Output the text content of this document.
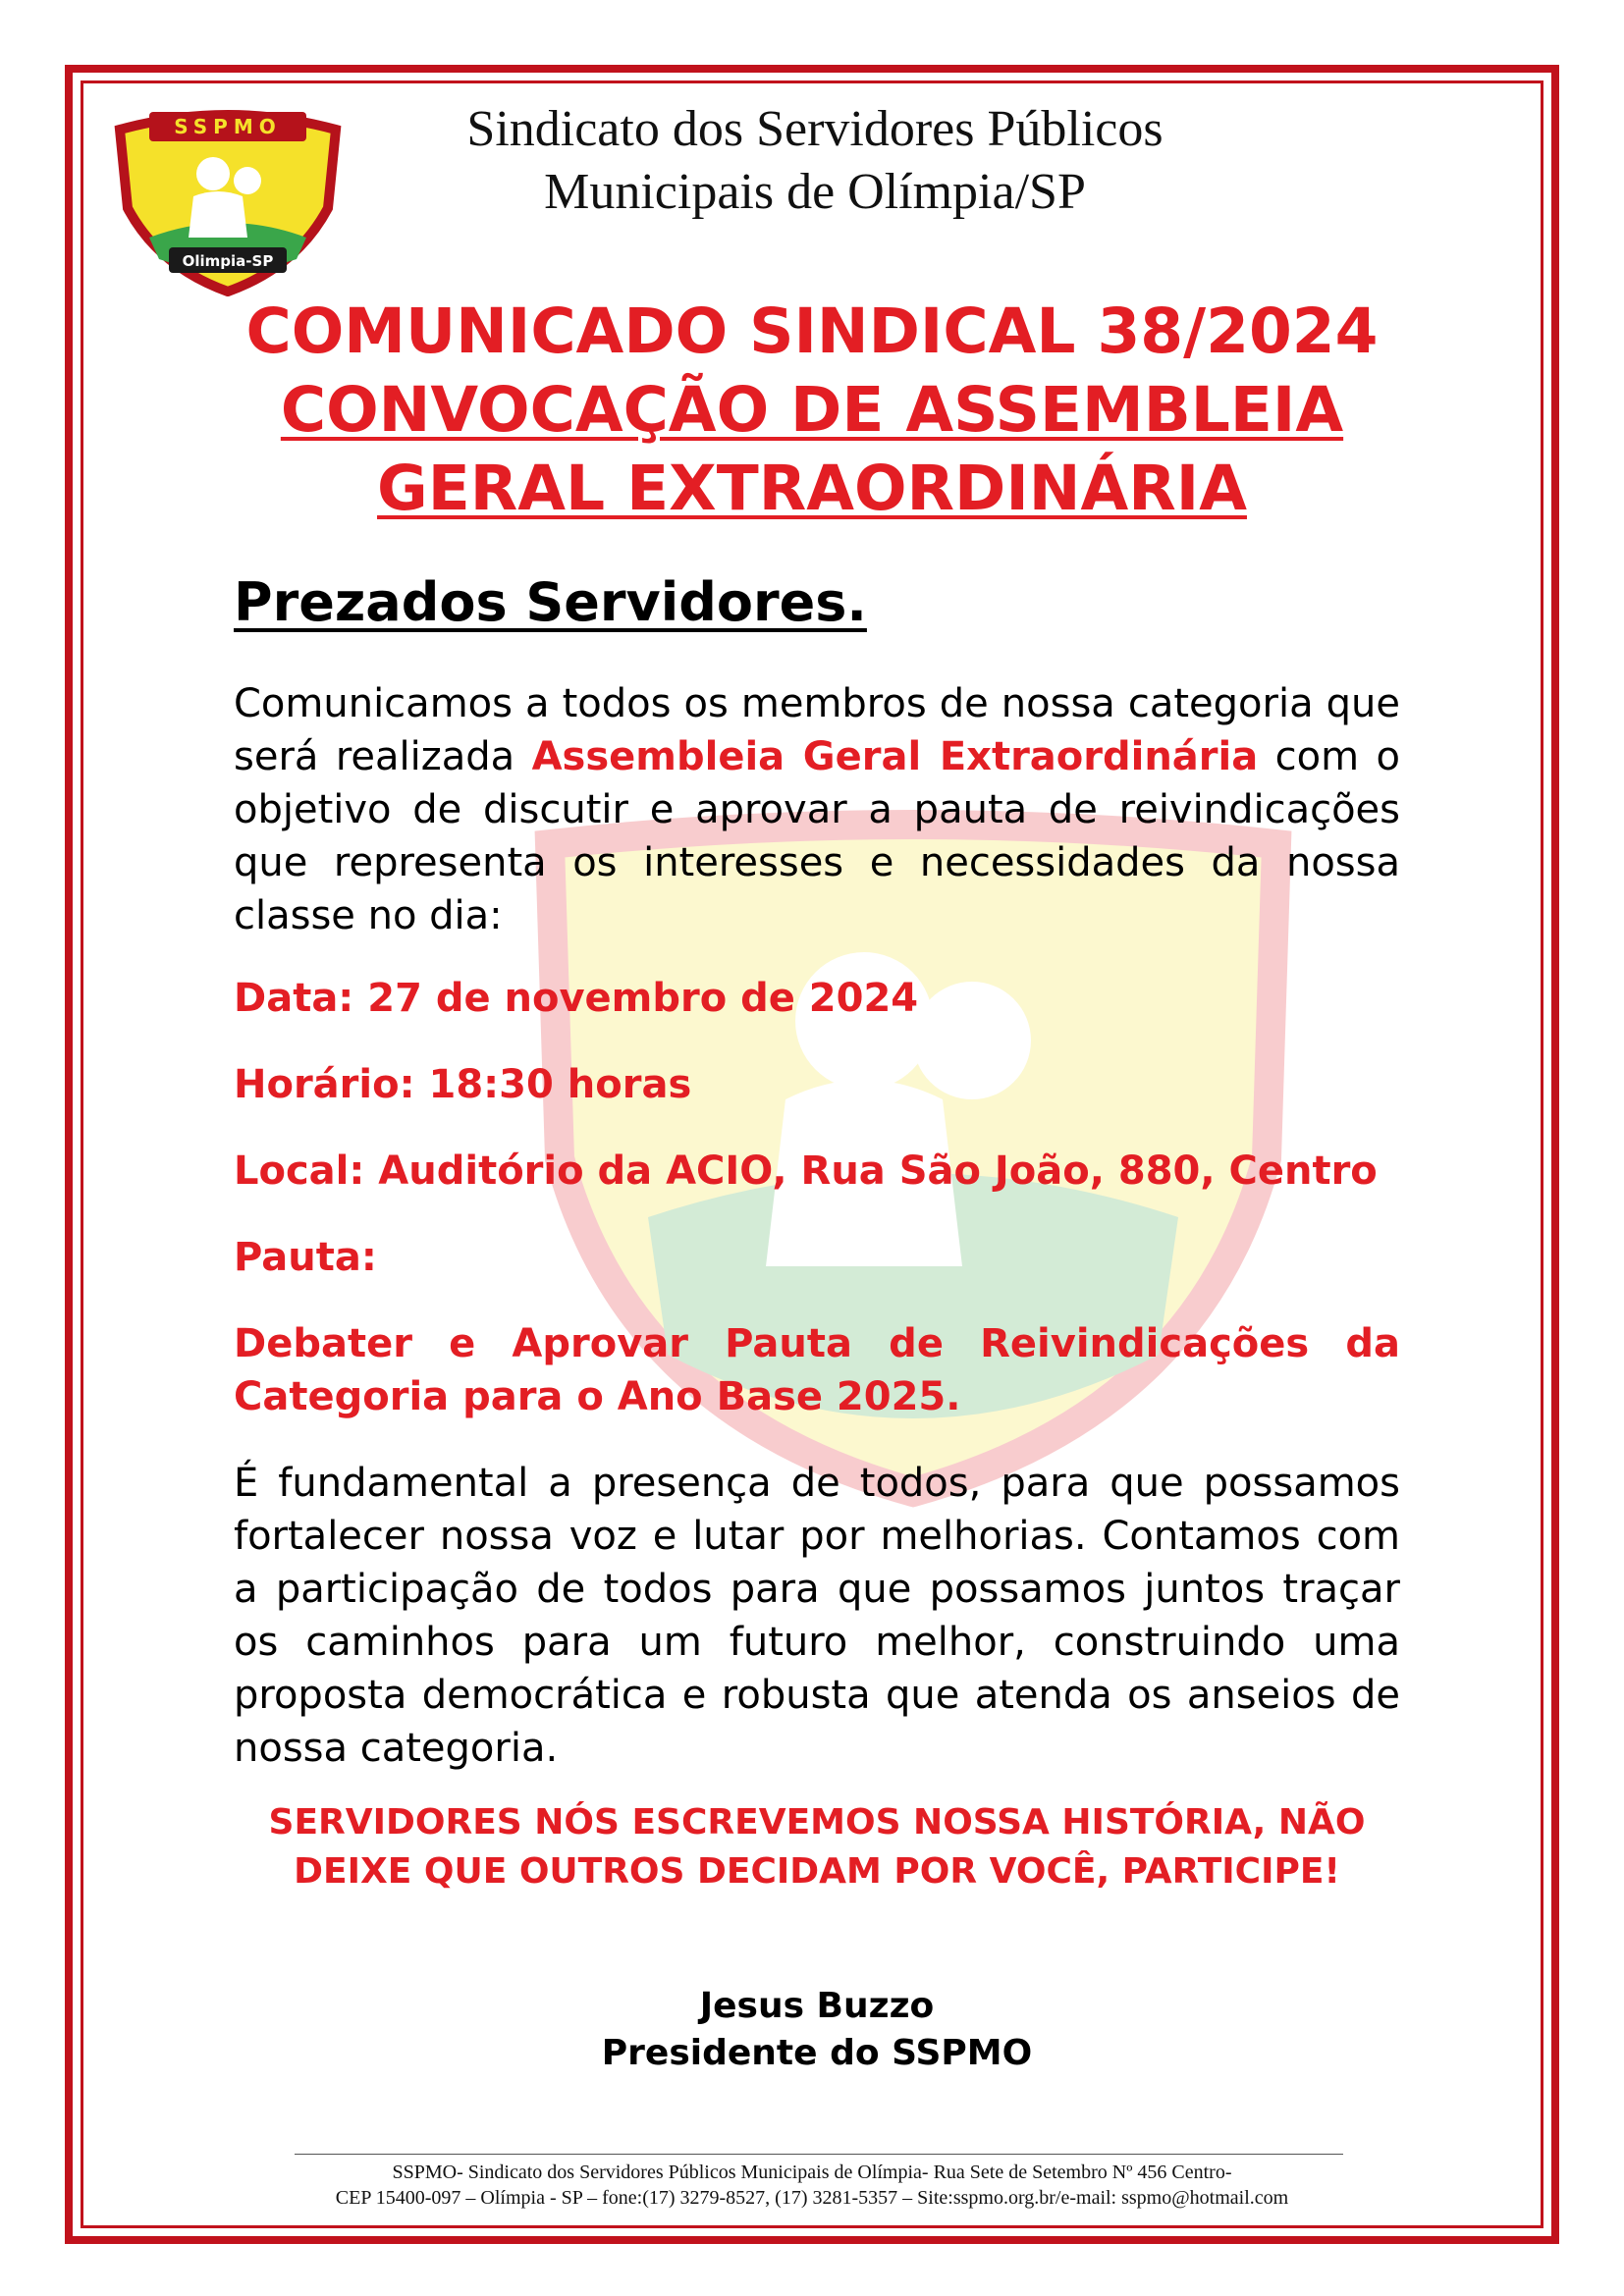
SSPMO
Olimpia-SP
Sindicato dos Servidores Públicos
Municipais de Olímpia/SP
COMUNICADO SINDICAL 38/2024
CONVOCAÇÃO DE ASSEMBLEIA
GERAL EXTRAORDINÁRIA
Prezados Servidores.
Comunicamos a todos os membros de nossa categoria que será realizada Assembleia Geral Extraordinária com o objetivo de discutir e aprovar a pauta de reivindicações que representa os interesses e necessidades da nossa classe no dia:
Data: 27 de novembro de 2024
Horário: 18:30 horas
Local: Auditório da ACIO, Rua São João, 880, Centro
Pauta:
Debater e Aprovar Pauta de Reivindicações da Categoria para o Ano Base 2025.
É fundamental a presença de todos, para que possamos fortalecer nossa voz e lutar por melhorias. Contamos com a participação de todos para que possamos juntos traçar os caminhos para um futuro melhor, construindo uma proposta democrática e robusta que atenda os anseios de nossa categoria.
SERVIDORES NÓS ESCREVEMOS NOSSA HISTÓRIA, NÃO
DEIXE QUE OUTROS DECIDAM POR VOCÊ, PARTICIPE!
Jesus Buzzo
Presidente do SSPMO
SSPMO- Sindicato dos Servidores Públicos Municipais de Olímpia- Rua Sete de Setembro Nº 456 Centro-
CEP 15400-097 – Olímpia - SP – fone:(17) 3279-8527, (17) 3281-5357 – Site:sspmo.org.br/e-mail: sspmo@hotmail.com
